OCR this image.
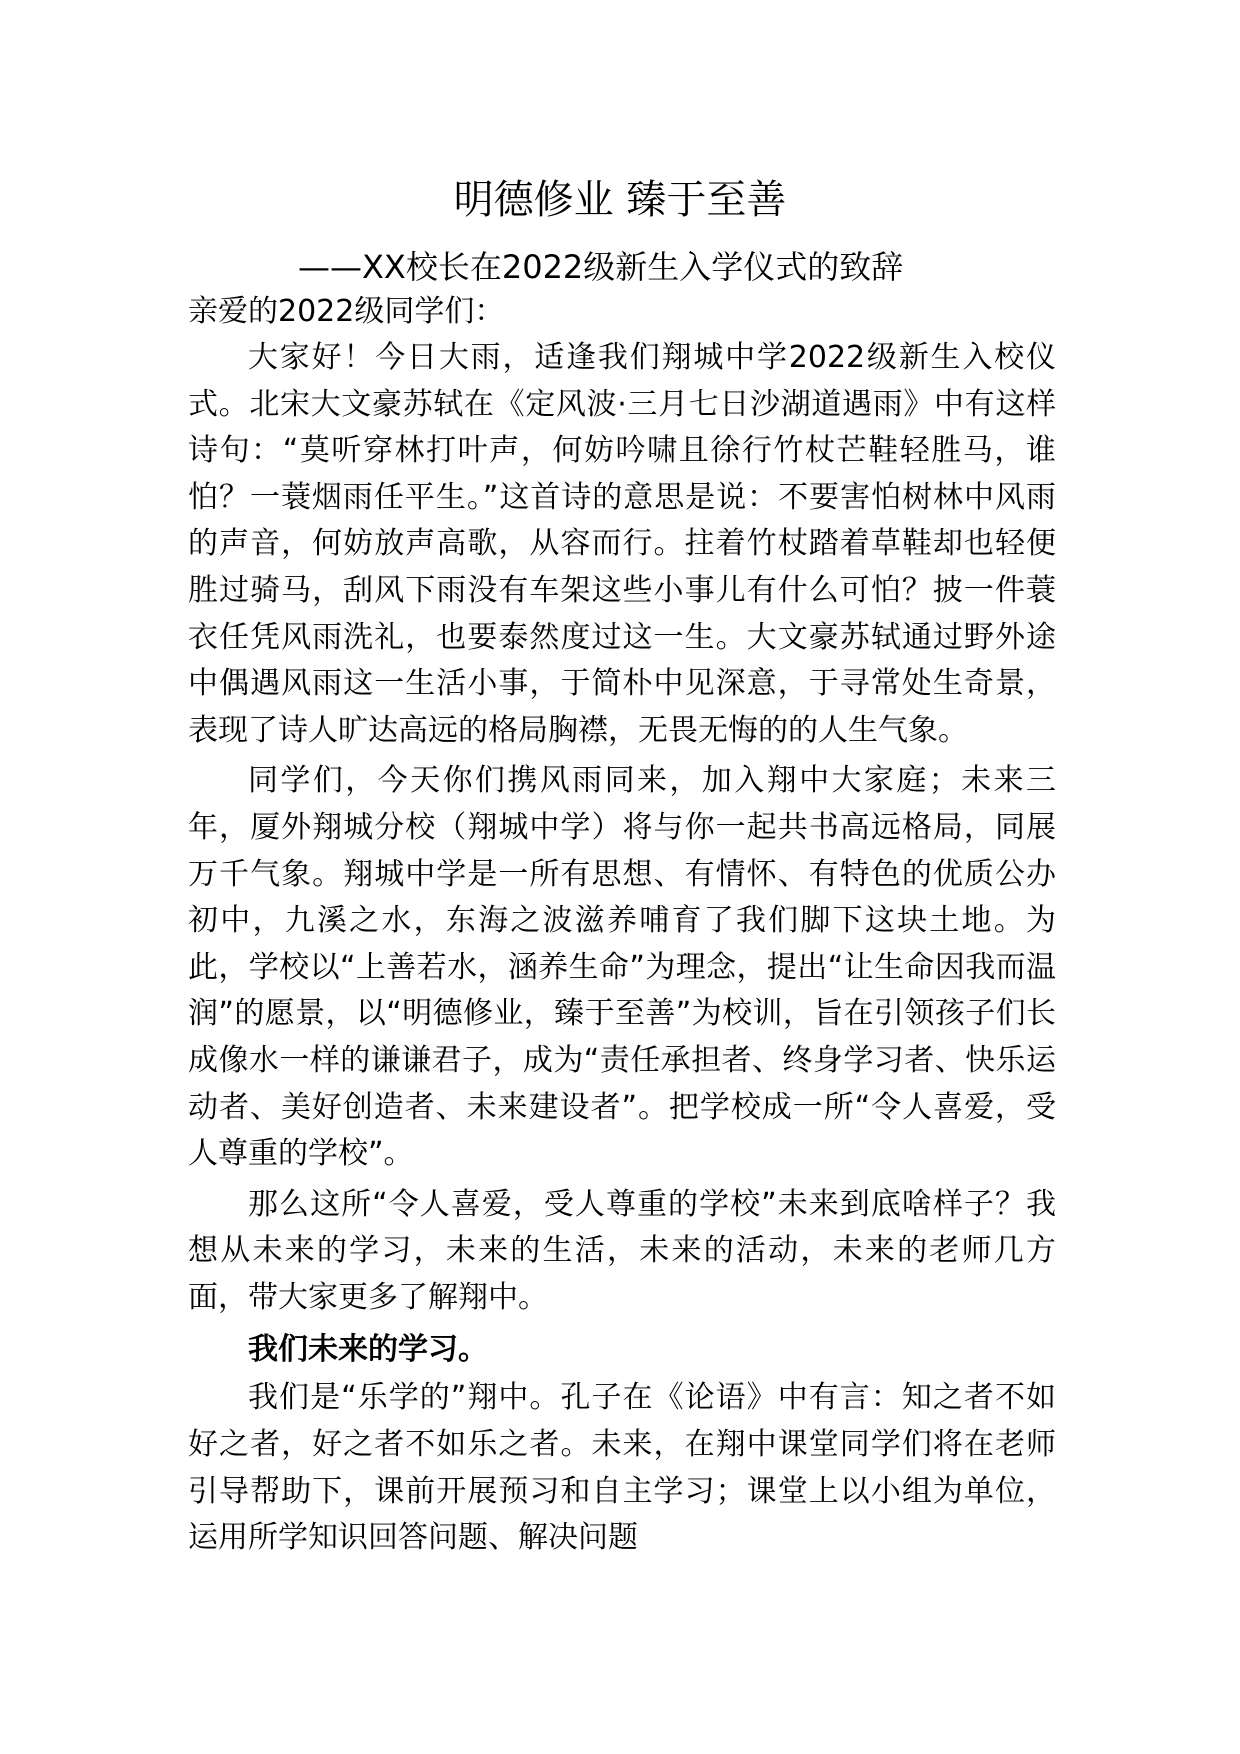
明德修业 臻于至善

——XX校长在2022级新生入学仪式的致辞

亲爱的2022级同学们：

大家好！今日大雨，适逢我们翔城中学2022级新生入校仪式。北宋大文豪苏轼在《定风波·三月七日沙湖道遇雨》中有这样诗句：“莫听穿林打叶声，何妨吟啸且徐行竹杖芒鞋轻胜马，谁怕？一蓑烟雨任平生。”这首诗的意思是说：不要害怕树林中风雨的声音，何妨放声高歌，从容而行。拄着竹杖踏着草鞋却也轻便胜过骑马，刮风下雨没有车架这些小事儿有什么可怕？披一件蓑衣任凭风雨洗礼，也要泰然度过这一生。大文豪苏轼通过野外途中偶遇风雨这一生活小事，于简朴中见深意，于寻常处生奇景，表现了诗人旷达高远的格局胸襟，无畏无悔的的人生气象。

同学们，今天你们携风雨同来，加入翔中大家庭；未来三年，厦外翔城分校（翔城中学）将与你一起共书高远格局，同展万千气象。翔城中学是一所有思想、有情怀、有特色的优质公办初中，九溪之水，东海之波滋养哺育了我们脚下这块土地。为此，学校以“上善若水，涵养生命”为理念，提出“让生命因我而温润”的愿景，以“明德修业，臻于至善”为校训，旨在引领孩子们长成像水一样的谦谦君子，成为“责任承担者、终身学习者、快乐运动者、美好创造者、未来建设者”。把学校成一所“令人喜爱，受人尊重的学校”。

那么这所“令人喜爱，受人尊重的学校”未来到底啥样子？我想从未来的学习，未来的生活，未来的活动，未来的老师几方面，带大家更多了解翔中。

我们未来的学习。

我们是“乐学的”翔中。孔子在《论语》中有言：知之者不如好之者，好之者不如乐之者。未来，在翔中课堂同学们将在老师引导帮助下，课前开展预习和自主学习；课堂上以小组为单位，运用所学知识回答问题、解决问题
